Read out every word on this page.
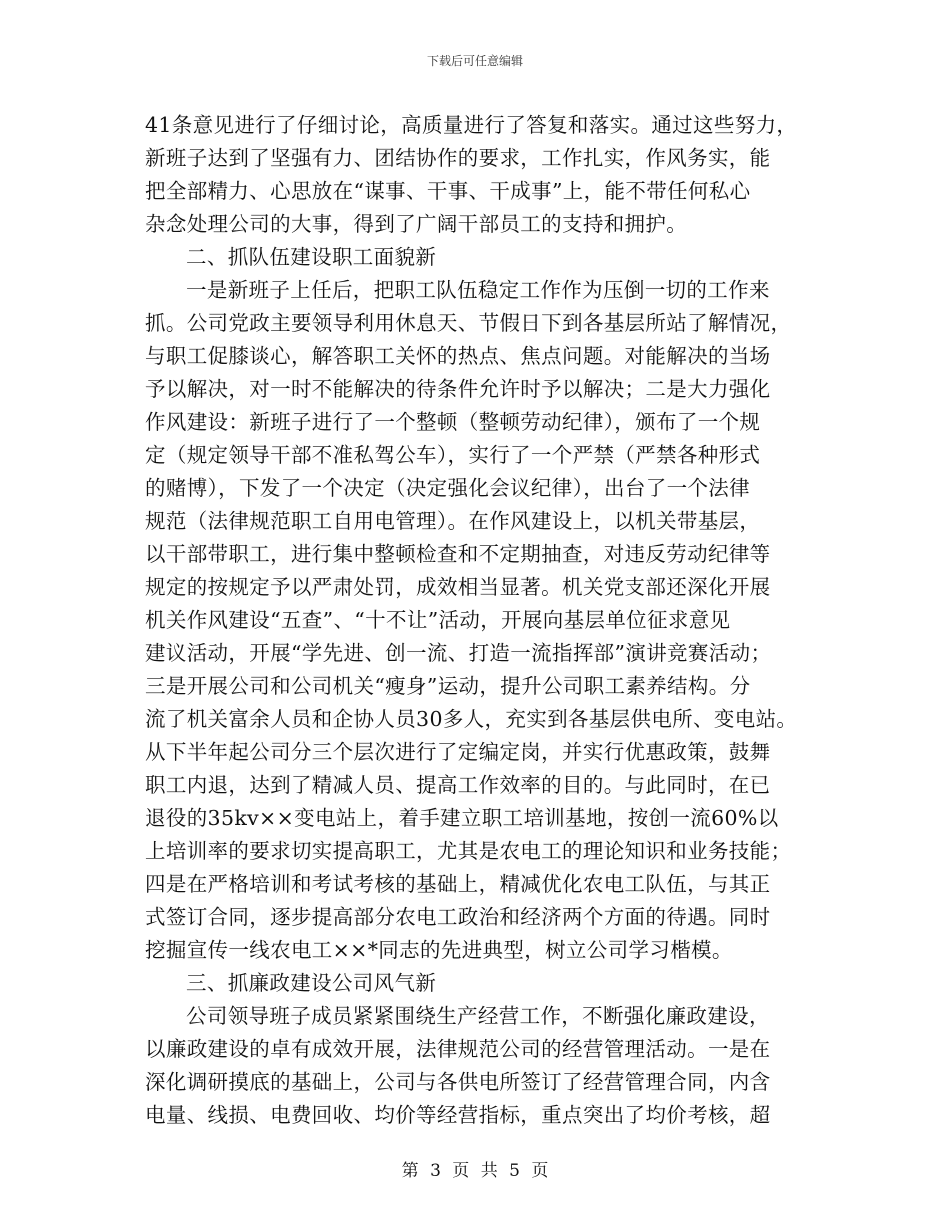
下载后可任意编辑
41条意见进行了仔细讨论，高质量进行了答复和落实。通过这些努力，
新班子达到了坚强有力、团结协作的要求，工作扎实，作风务实，能
把全部精力、心思放在“谋事、干事、干成事”上，能不带任何私心
杂念处理公司的大事，得到了广阔干部员工的支持和拥护。
二、抓队伍建设职工面貌新
一是新班子上任后，把职工队伍稳定工作作为压倒一切的工作来
抓。公司党政主要领导利用休息天、节假日下到各基层所站了解情况，
与职工促膝谈心，解答职工关怀的热点、焦点问题。对能解决的当场
予以解决，对一时不能解决的待条件允许时予以解决；二是大力强化
作风建设：新班子进行了一个整顿（整顿劳动纪律），颁布了一个规
定（规定领导干部不准私驾公车），实行了一个严禁（严禁各种形式
的赌博），下发了一个决定（决定强化会议纪律），出台了一个法律
规范（法律规范职工自用电管理）。在作风建设上，以机关带基层，
以干部带职工，进行集中整顿检查和不定期抽查，对违反劳动纪律等
规定的按规定予以严肃处罚，成效相当显著。机关党支部还深化开展
机关作风建设“五查”、“十不让”活动，开展向基层单位征求意见
建议活动，开展“学先进、创一流、打造一流指挥部”演讲竞赛活动；
三是开展公司和公司机关“瘦身”运动，提升公司职工素养结构。分
流了机关富余人员和企协人员30多人，充实到各基层供电所、变电站。
从下半年起公司分三个层次进行了定编定岗，并实行优惠政策，鼓舞
职工内退，达到了精减人员、提高工作效率的目的。与此同时，在已
退役的35kv××变电站上，着手建立职工培训基地，按创一流60%以
上培训率的要求切实提高职工，尤其是农电工的理论知识和业务技能；
四是在严格培训和考试考核的基础上，精减优化农电工队伍，与其正
式签订合同，逐步提高部分农电工政治和经济两个方面的待遇。同时
挖掘宣传一线农电工××*同志的先进典型，树立公司学习楷模。
三、抓廉政建设公司风气新
公司领导班子成员紧紧围绕生产经营工作，不断强化廉政建设，
以廉政建设的卓有成效开展，法律规范公司的经营管理活动。一是在
深化调研摸底的基础上，公司与各供电所签订了经营管理合同，内含
电量、线损、电费回收、均价等经营指标，重点突出了均价考核，超
第 3 页 共 5 页
